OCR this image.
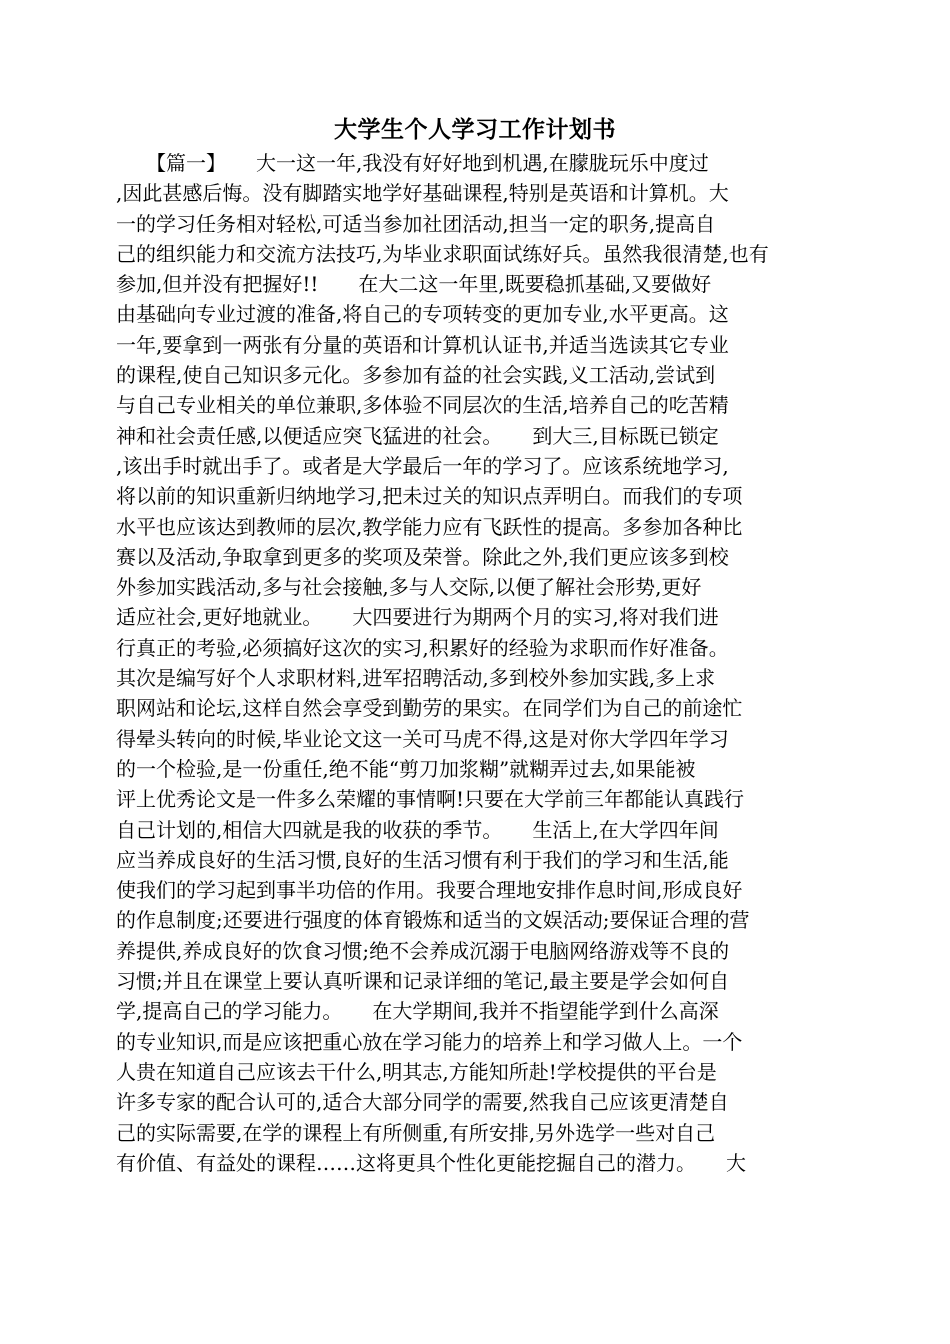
大学生个人学习工作计划书
　　【篇一】　　大一这一年,我没有好好地到机遇,在朦胧玩乐中度过
,因此甚感后悔。没有脚踏实地学好基础课程,特别是英语和计算机。大
一的学习任务相对轻松,可适当参加社团活动,担当一定的职务,提高自
己的组织能力和交流方法技巧,为毕业求职面试练好兵。虽然我很清楚,也有
参加,但并没有把握好!!　　在大二这一年里,既要稳抓基础,又要做好
由基础向专业过渡的准备,将自己的专项转变的更加专业,水平更高。这
一年,要拿到一两张有分量的英语和计算机认证书,并适当选读其它专业
的课程,使自己知识多元化。多参加有益的社会实践,义工活动,尝试到
与自己专业相关的单位兼职,多体验不同层次的生活,培养自己的吃苦精
神和社会责任感,以便适应突飞猛进的社会。　　到大三,目标既已锁定
,该出手时就出手了。或者是大学最后一年的学习了。应该系统地学习,
将以前的知识重新归纳地学习,把未过关的知识点弄明白。而我们的专项
水平也应该达到教师的层次,教学能力应有飞跃性的提高。多参加各种比
赛以及活动,争取拿到更多的奖项及荣誉。除此之外,我们更应该多到校
外参加实践活动,多与社会接触,多与人交际,以便了解社会形势,更好
适应社会,更好地就业。　　大四要进行为期两个月的实习,将对我们进
行真正的考验,必须搞好这次的实习,积累好的经验为求职而作好准备。
其次是编写好个人求职材料,进军招聘活动,多到校外参加实践,多上求
职网站和论坛,这样自然会享受到勤劳的果实。在同学们为自己的前途忙
得晕头转向的时候,毕业论文这一关可马虎不得,这是对你大学四年学习
的一个检验,是一份重任,绝不能“剪刀加浆糊”就糊弄过去,如果能被
评上优秀论文是一件多么荣耀的事情啊!只要在大学前三年都能认真践行
自己计划的,相信大四就是我的收获的季节。　　生活上,在大学四年间
应当养成良好的生活习惯,良好的生活习惯有利于我们的学习和生活,能
使我们的学习起到事半功倍的作用。我要合理地安排作息时间,形成良好
的作息制度;还要进行强度的体育锻炼和适当的文娱活动;要保证合理的营
养提供,养成良好的饮食习惯;绝不会养成沉溺于电脑网络游戏等不良的
习惯;并且在课堂上要认真听课和记录详细的笔记,最主要是学会如何自
学,提高自己的学习能力。　　在大学期间,我并不指望能学到什么高深
的专业知识,而是应该把重心放在学习能力的培养上和学习做人上。一个
人贵在知道自己应该去干什么,明其志,方能知所赴!学校提供的平台是
许多专家的配合认可的,适合大部分同学的需要,然我自己应该更清楚自
己的实际需要,在学的课程上有所侧重,有所安排,另外选学一些对自己
有价值、有益处的课程……这将更具个性化更能挖掘自己的潜力。　　大
